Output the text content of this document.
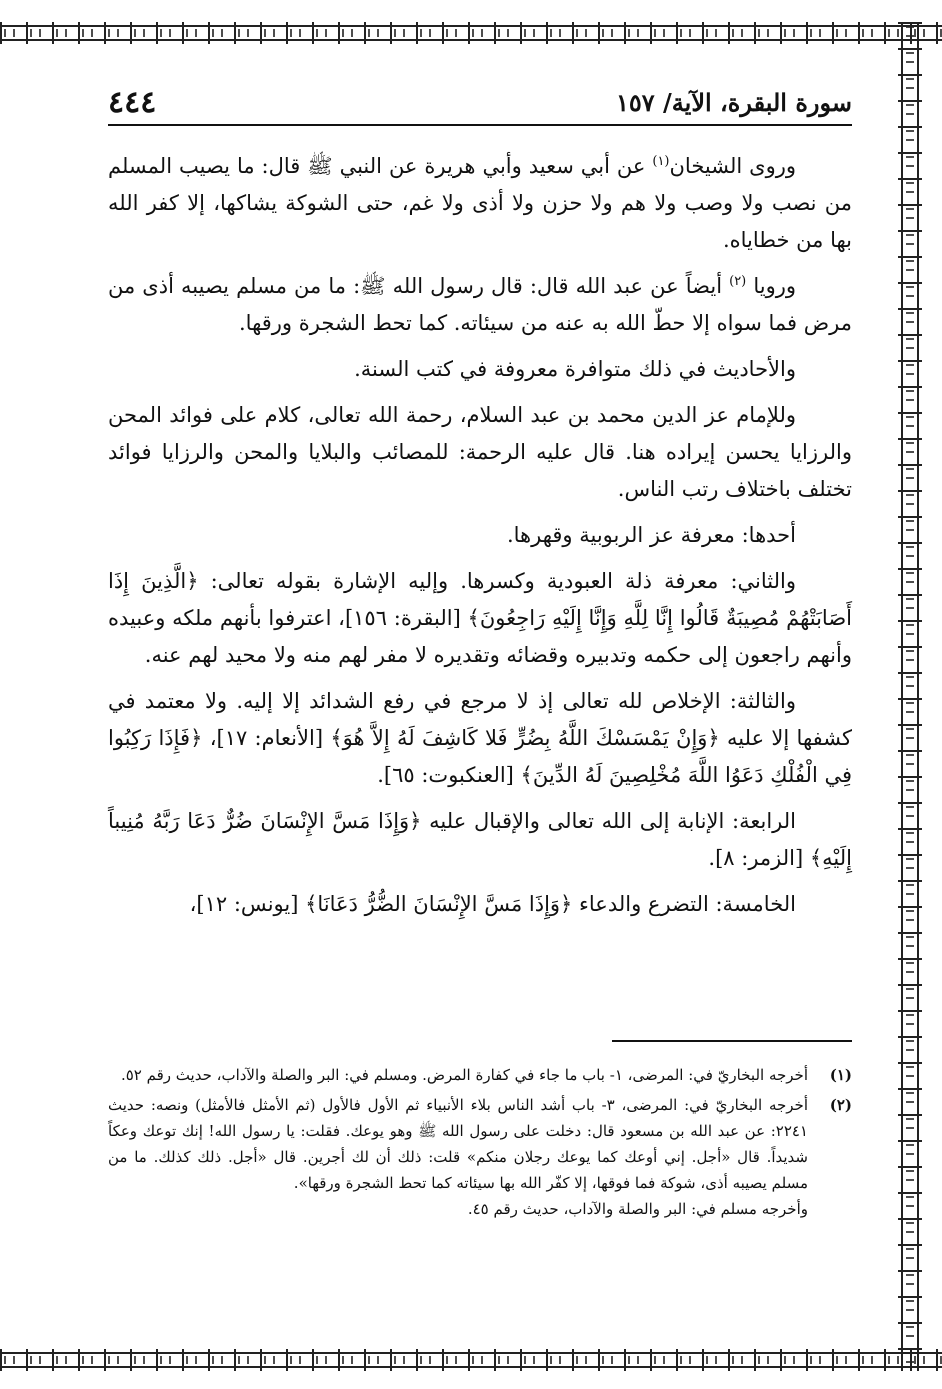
سورة البقرة، الآية/ ١٥٧
٤٤٤

وروى الشيخان$^{(١)}$ عن أبي سعيد وأبي هريرة عن النبي ﷺ قال: ما يصيب المسلم من نصب ولا وصب ولا هم ولا حزن ولا أذى ولا غم، حتى الشوكة يشاكها، إلا كفر الله بها من خطاياه.

ورويا $^{(٢)}$ أيضاً عن عبد الله قال: قال رسول الله ﷺ: ما من مسلم يصيبه أذى من مرض فما سواه إلا حطّ الله به عنه من سيئاته. كما تحط الشجرة ورقها.

والأحاديث في ذلك متوافرة معروفة في كتب السنة.

وللإمام عز الدين محمد بن عبد السلام، رحمة الله تعالى، كلام على فوائد المحن والرزايا يحسن إيراده هنا. قال عليه الرحمة: للمصائب والبلايا والمحن والرزايا فوائد تختلف باختلاف رتب الناس.

أحدها: معرفة عز الربوبية وقهرها.

والثاني: معرفة ذلة العبودية وكسرها. وإليه الإشارة بقوله تعالى: ﴿الَّذِينَ إِذَا أَصَابَتْهُمْ مُصِيبَةٌ قَالُوا إِنَّا لِلَّهِ وَإِنَّا إِلَيْهِ رَاجِعُونَ﴾ [البقرة: ١٥٦]، اعترفوا بأنهم ملكه وعبيده وأنهم راجعون إلى حكمه وتدبيره وقضائه وتقديره لا مفر لهم منه ولا محيد لهم عنه.

والثالثة: الإخلاص لله تعالى إذ لا مرجع في رفع الشدائد إلا إليه. ولا معتمد في كشفها إلا عليه ﴿وَإِنْ يَمْسَسْكَ اللَّهُ بِضُرٍّ فَلا كَاشِفَ لَهُ إِلاَّ هُوَ﴾ [الأنعام: ١٧]، ﴿فَإِذَا رَكِبُوا فِي الْفُلْكِ دَعَوُا اللَّهَ مُخْلِصِينَ لَهُ الدِّينَ﴾ [العنكبوت: ٦٥].

الرابعة: الإنابة إلى الله تعالى والإقبال عليه ﴿وَإِذَا مَسَّ الإِنْسَانَ ضُرٌّ دَعَا رَبَّهُ مُنِيباً إِلَيْهِ﴾ [الزمر: ٨].

الخامسة: التضرع والدعاء ﴿وَإِذَا مَسَّ الإِنْسَانَ الضُّرُّ دَعَانَا﴾ [يونس: ١٢]،

(١)

أخرجه البخاريّ في: المرضى، ١- باب ما جاء في كفارة المرض. ومسلم في: البر والصلة والآداب، حديث رقم ٥٢.

(٢)

أخرجه البخاريّ في: المرضى، ٣- باب أشد الناس بلاء الأنبياء ثم الأول فالأول (ثم الأمثل فالأمثل) ونصه: حديث ٢٢٤١: عن عبد الله بن مسعود قال: دخلت على رسول الله ﷺ وهو يوعك. فقلت: يا رسول الله! إنك توعك وعكاً شديداً. قال «أجل. إني أوعك كما يوعك رجلان منكم» قلت: ذلك أن لك أجرين. قال «أجل. ذلك كذلك. ما من مسلم يصيبه أذى، شوكة فما فوقها، إلا كفّر الله بها سيئاته كما تحط الشجرة ورقها».

وأخرجه مسلم في: البر والصلة والآداب، حديث رقم ٤٥.
